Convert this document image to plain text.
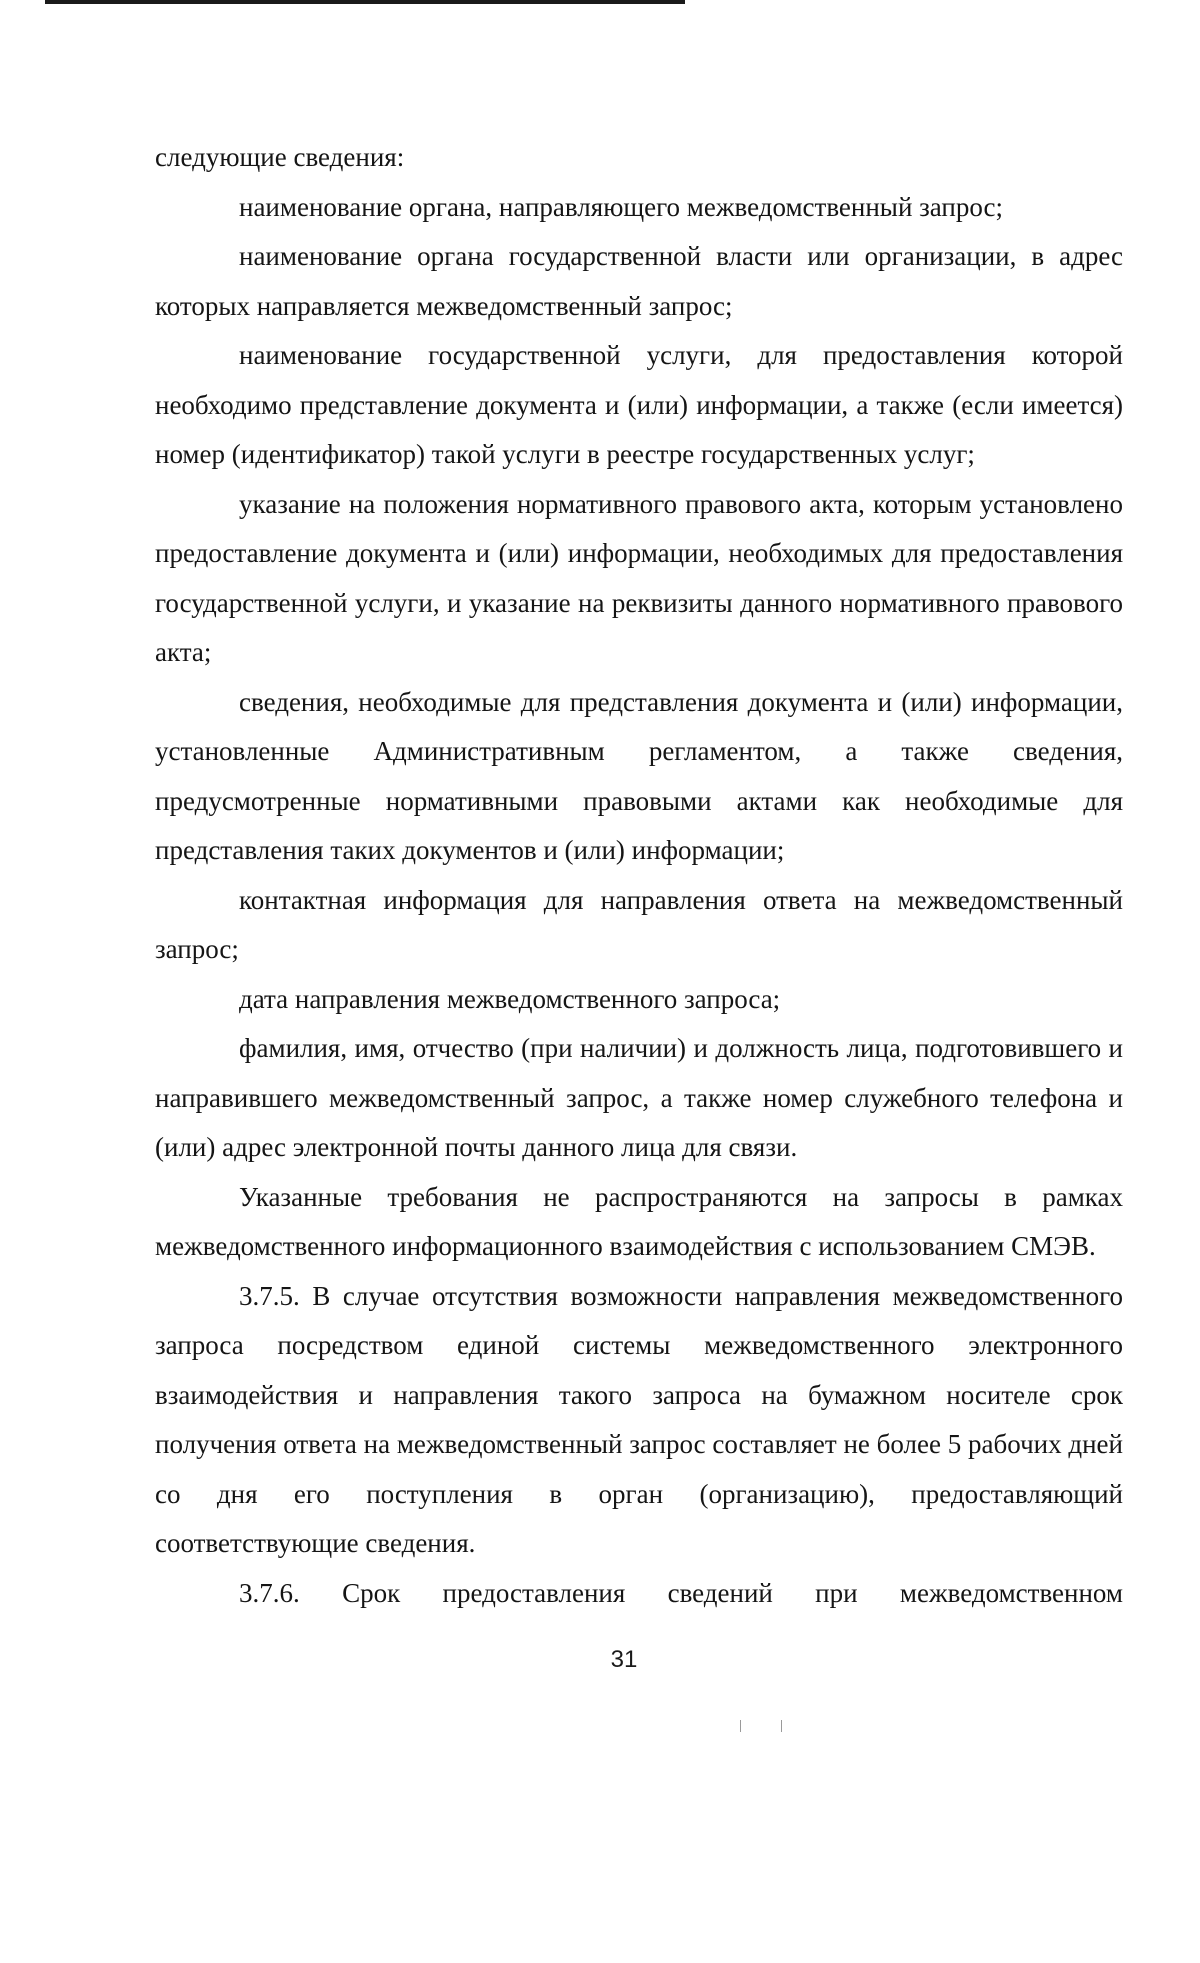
следующие сведения:

наименование органа, направляющего межведомственный запрос;

наименование органа государственной власти или организации, в адрес которых направляется межведомственный запрос;

наименование государственной услуги, для предоставления которой необходимо представление документа и (или) информации, а также (если имеется) номер (идентификатор) такой услуги в реестре государственных услуг;

указание на положения нормативного правового акта, которым установлено предоставление документа и (или) информации, необходимых для предоставления государственной услуги, и указание на реквизиты данного нормативного правового акта;

сведения, необходимые для представления документа и (или) информации, установленные Административным регламентом, а также сведения, предусмотренные нормативными правовыми актами как необходимые для представления таких документов и (или) информации;

контактная информация для направления ответа на межведомственный запрос;

дата направления межведомственного запроса;

фамилия, имя, отчество (при наличии) и должность лица, подготовившего и направившего межведомственный запрос, а также номер служебного телефона и (или) адрес электронной почты данного лица для связи.

Указанные требования не распространяются на запросы в рамках межведомственного информационного взаимодействия с использованием СМЭВ.

3.7.5. В случае отсутствия возможности направления межведомственного запроса посредством единой системы межведомственного электронного взаимодействия и направления такого запроса на бумажном носителе срок получения ответа на межведомственный запрос составляет не более 5 рабочих дней со дня его поступления в орган (организацию), предоставляющий соответствующие сведения.

3.7.6. Срок предоставления сведений при межведомственном

31
